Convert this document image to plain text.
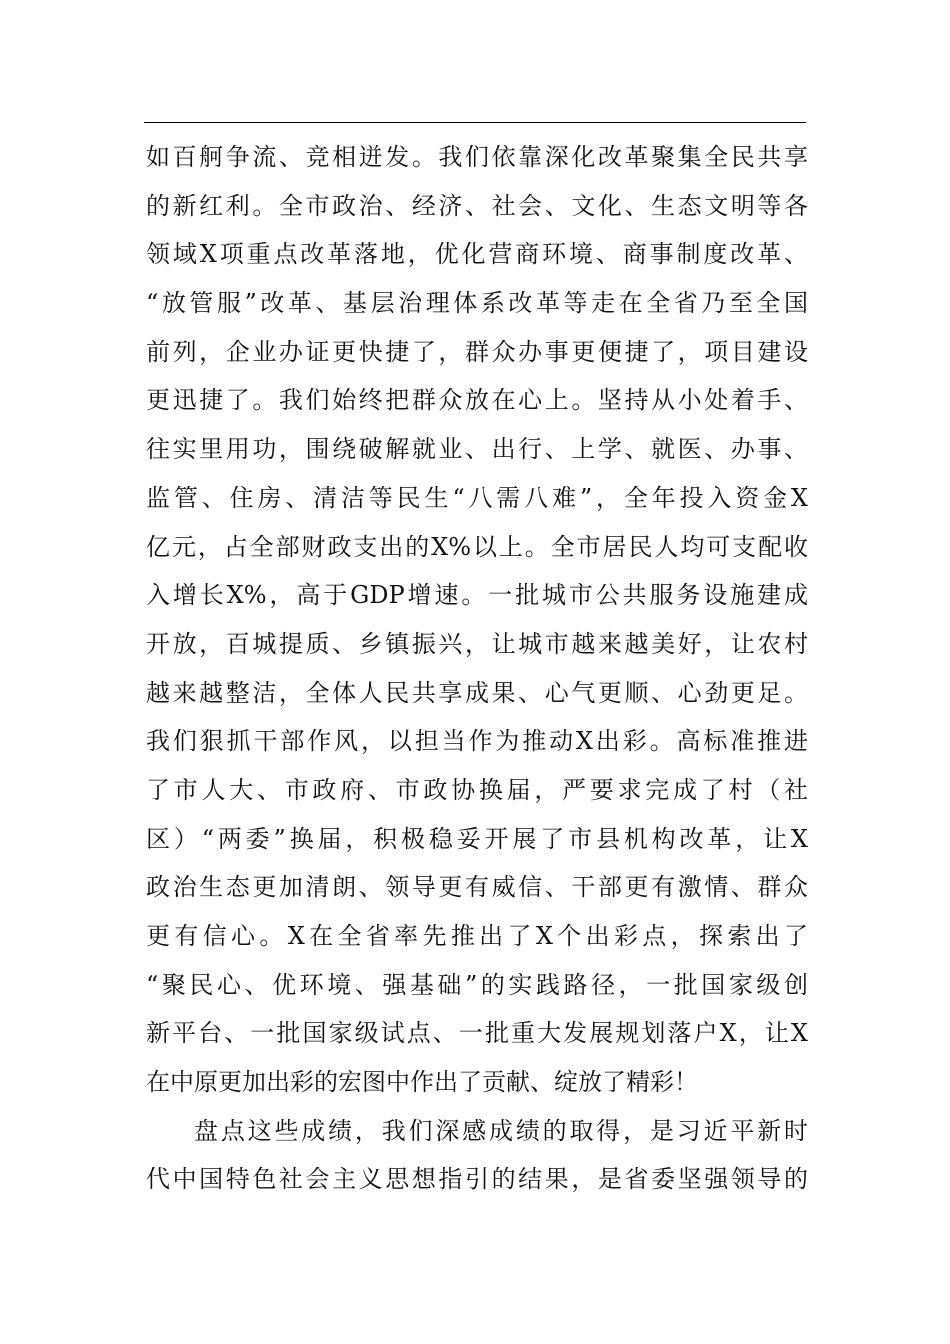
如百舸争流、竞相迸发。我们依靠深化改革聚集全民共享
的新红利。全市政治、经济、社会、文化、生态文明等各
领域X项重点改革落地，优化营商环境、商事制度改革、
“放管服”改革、基层治理体系改革等走在全省乃至全国
前列，企业办证更快捷了，群众办事更便捷了，项目建设
更迅捷了。我们始终把群众放在心上。坚持从小处着手、
往实里用功，围绕破解就业、出行、上学、就医、办事、
监管、住房、清洁等民生“八需八难”，全年投入资金X
亿元，占全部财政支出的X%以上。全市居民人均可支配收
入增长X%，高于GDP增速。一批城市公共服务设施建成
开放，百城提质、乡镇振兴，让城市越来越美好，让农村
越来越整洁，全体人民共享成果、心气更顺、心劲更足。
我们狠抓干部作风，以担当作为推动X出彩。高标准推进
了市人大、市政府、市政协换届，严要求完成了村（社
区）“两委”换届，积极稳妥开展了市县机构改革，让X
政治生态更加清朗、领导更有威信、干部更有激情、群众
更有信心。X在全省率先推出了X个出彩点，探索出了
“聚民心、优环境、强基础”的实践路径，一批国家级创
新平台、一批国家级试点、一批重大发展规划落户X，让X
在中原更加出彩的宏图中作出了贡献、绽放了精彩！
盘点这些成绩，我们深感成绩的取得，是习近平新时
代中国特色社会主义思想指引的结果，是省委坚强领导的
